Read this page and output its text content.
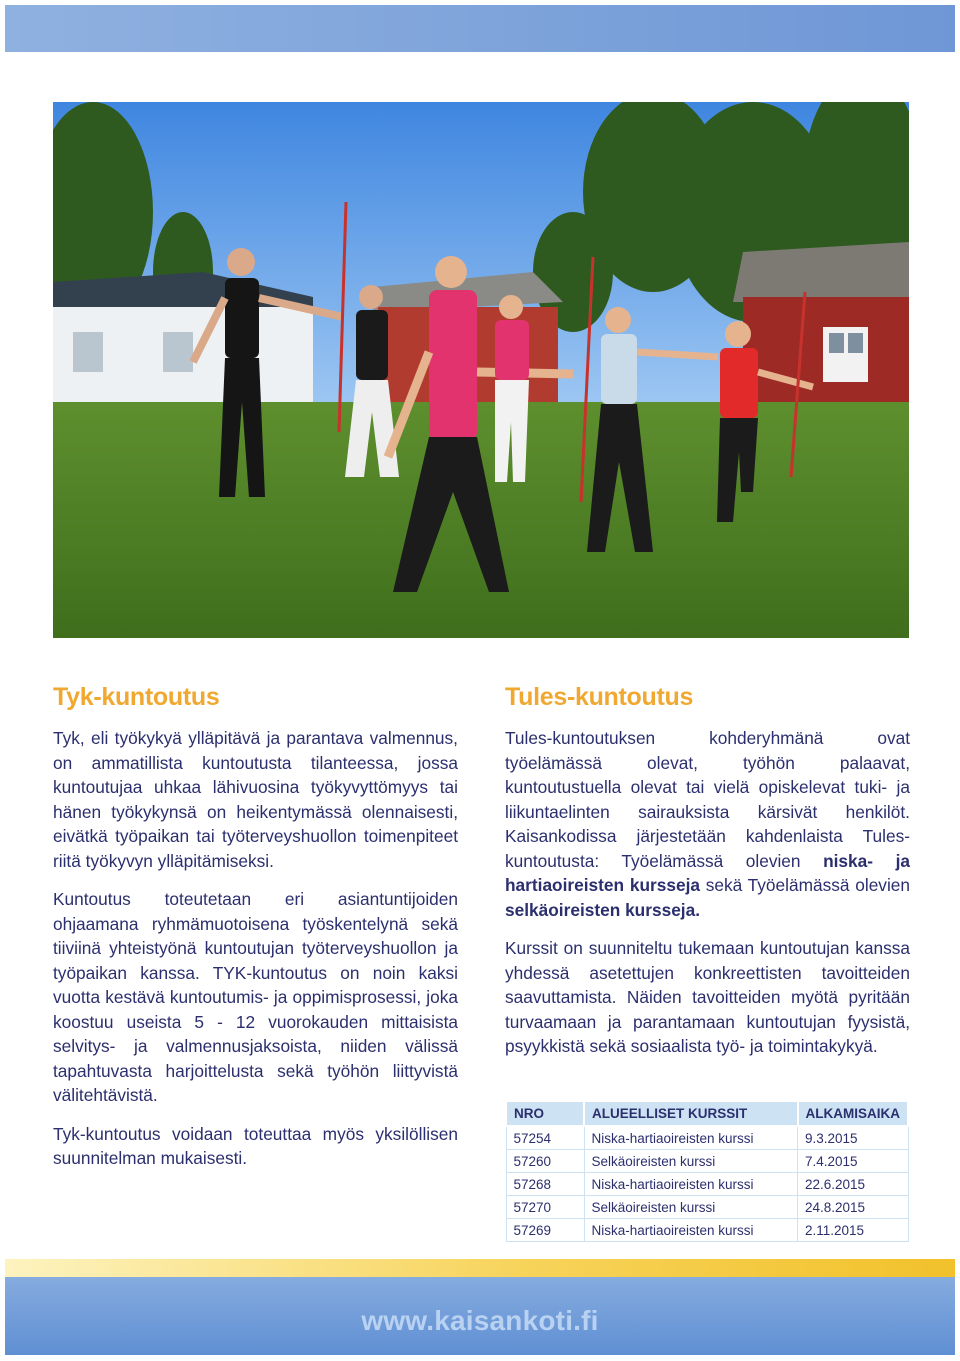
Tyk-kuntoutus

Tyk, eli työkykyä ylläpitävä ja parantava valmennus, on ammatillista kuntoutusta tilanteessa, jossa kuntoutujaa uhkaa lähivuosina työkyvyttömyys tai hänen työkykynsä on heikentymässä olennaisesti, eivätkä työpaikan tai työterveyshuollon toimenpiteet riitä työkyvyn ylläpitämiseksi.

Kuntoutus toteutetaan eri asiantuntijoiden ohjaamana ryhmämuotoisena työskentelynä sekä tiiviinä yhteistyönä kuntoutujan työterveyshuollon ja työpaikan kanssa. TYK-kuntoutus on noin kaksi vuotta kestävä kuntoutumis- ja oppimisprosessi, joka koostuu useista 5 - 12 vuorokauden mittaisista selvitys- ja valmennusjaksoista, niiden välissä tapahtuvasta harjoittelusta sekä työhön liittyvistä välitehtävistä.

Tyk-kuntoutus voidaan toteuttaa myös yksilöllisen suunnitelman mukaisesti.

Tules-kuntoutus

Tules-kuntoutuksen kohderyhmänä ovat työelämässä olevat, työhön palaavat, kuntoutustuella olevat tai vielä opiskelevat tuki- ja liikuntaelinten sairauksista kärsivät henkilöt. Kaisankodissa järjestetään kahdenlaista Tules-kuntoutusta: Työelämässä olevien niska- ja hartiaoireisten kursseja sekä Työelämässä olevien selkäoireisten kursseja.

Kurssit on suunniteltu tukemaan kuntoutujan kanssa yhdessä asetettujen konkreettisten tavoitteiden saavuttamista. Näiden tavoitteiden myötä pyritään turvaamaan ja parantamaan kuntoutujan fyysistä, psyykkistä sekä sosiaalista työ- ja toimintakykyä.

NRO	ALUEELLISET KURSSIT	ALKAMISAIKA
57254	Niska-hartiaoireisten kurssi	9.3.2015
57260	Selkäoireisten kurssi	7.4.2015
57268	Niska-hartiaoireisten kurssi	22.6.2015
57270	Selkäoireisten kurssi	24.8.2015
57269	Niska-hartiaoireisten kurssi	2.11.2015
www.kaisankoti.fi
